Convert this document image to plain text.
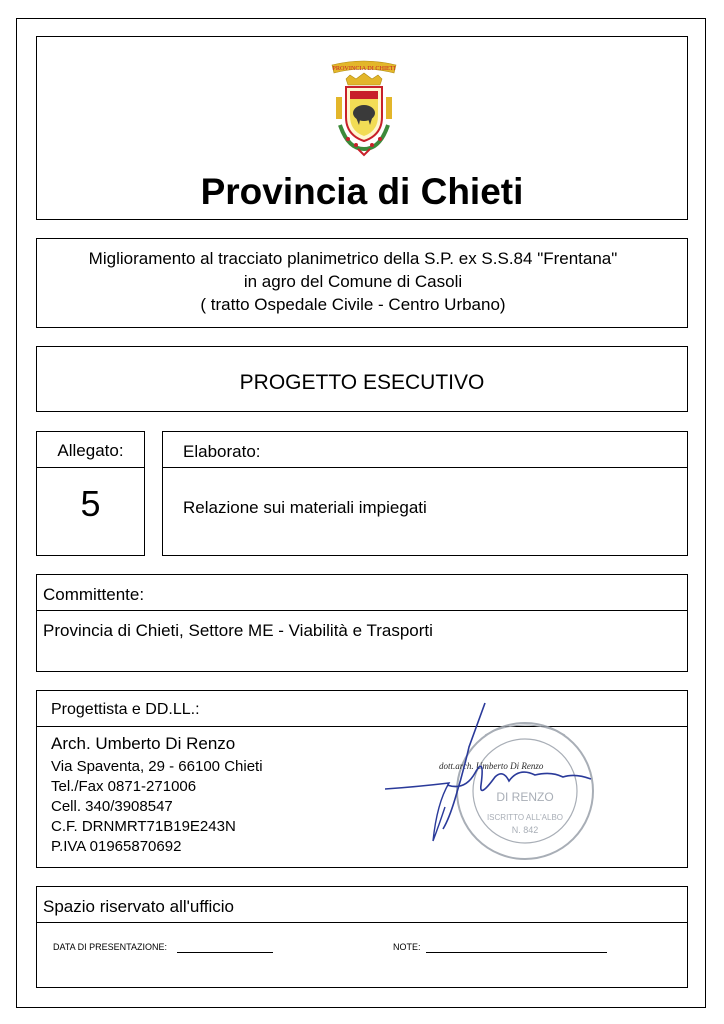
PROVINCIA DI CHIETI
Provincia di Chieti
Miglioramento al tracciato planimetrico della S.P. ex S.S.84 "Frentana"
in agro del Comune di Casoli
( tratto Ospedale Civile - Centro Urbano)
PROGETTO ESECUTIVO
Allegato:
5
Elaborato:
Relazione sui materiali impiegati
Committente:
Provincia di Chieti, Settore ME - Viabilità e Trasporti
Progettista e DD.LL.:
Arch. Umberto Di Renzo
Via Spaventa, 29 - 66100 Chieti
Tel./Fax 0871-271006
Cell. 340/3908547
C.F. DRNMRT71B19E243N
P.IVA 01965870692
DI RENZO
ISCRITTO ALL'ALBO
N. 842
dott.arch. Umberto Di Renzo
Spazio riservato all'ufficio
DATA DI PRESENTAZIONE:	NOTE:
